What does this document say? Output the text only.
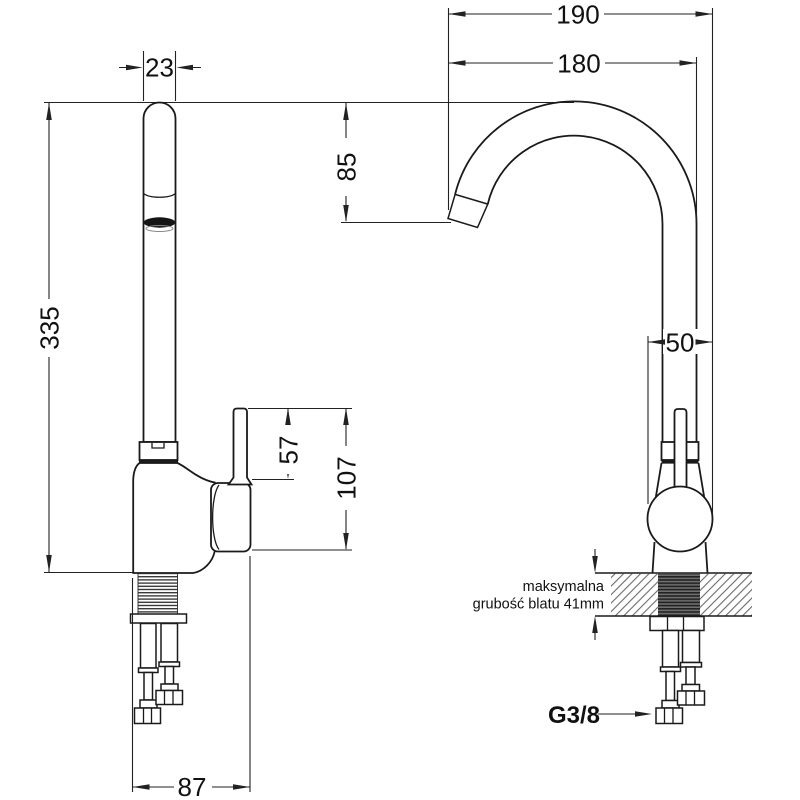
23
335
57
107
87
190
180
85
50
maksymalna
grubość blatu 41mm
G3/8
